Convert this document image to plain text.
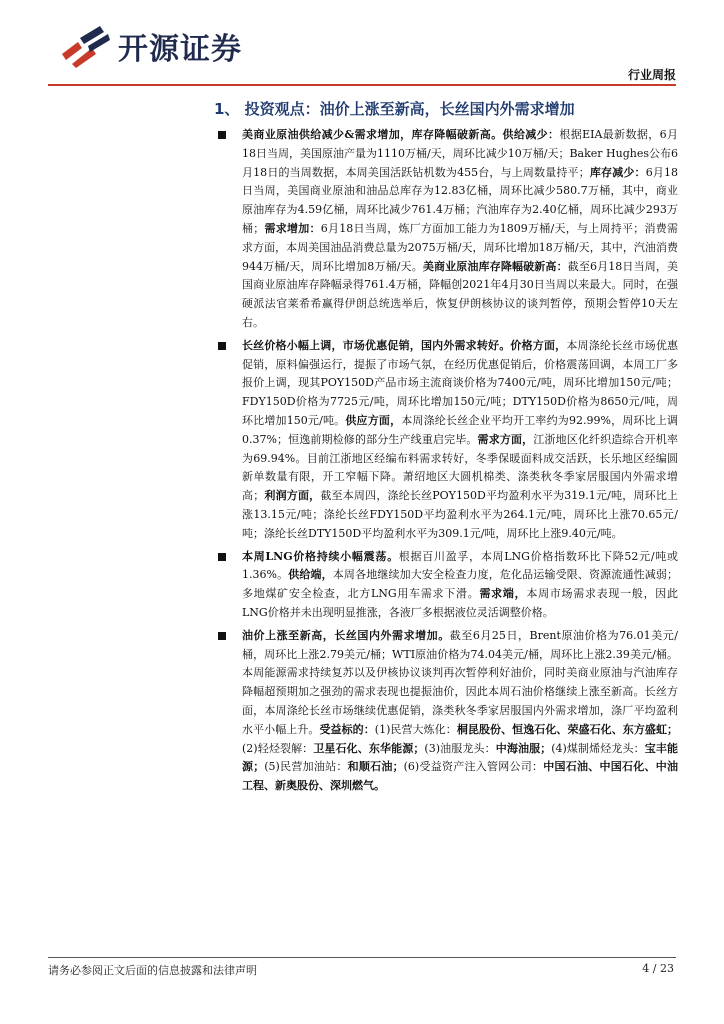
开源证券
行业周报
1、 投资观点：油价上涨至新高，长丝国内外需求增加

美商业原油供给减少&需求增加，库存降幅破新高。供给减少：根据EIA最新数据，6月18日当周，美国原油产量为1110万桶/天，周环比减少10万桶/天；Baker Hughes公布6月18日的当周数据，本周美国活跃钻机数为455台，与上周数量持平；库存减少：6月18日当周，美国商业原油和油品总库存为12.83亿桶，周环比减少580.7万桶，其中，商业原油库存为4.59亿桶，周环比减少761.4万桶；汽油库存为2.40亿桶，周环比减少293万桶；需求增加：6月18日当周，炼厂方面加工能力为1809万桶/天，与上周持平；消费需求方面，本周美国油品消费总量为2075万桶/天，周环比增加18万桶/天，其中，汽油消费944万桶/天，周环比增加8万桶/天。美商业原油库存降幅破新高：截至6月18日当周，美国商业原油库存降幅录得761.4万桶，降幅创2021年4月30日当周以来最大。同时，在强硬派法官莱希希赢得伊朗总统选举后，恢复伊朗核协议的谈判暂停，预期会暂停10天左右。

长丝价格小幅上调，市场优惠促销，国内外需求转好。价格方面，本周涤纶长丝市场优惠促销，原料偏强运行，提振了市场气氛，在经历优惠促销后，价格震荡回调，本周工厂多报价上调，现其POY150D产品市场主流商谈价格为7400元/吨，周环比增加150元/吨；FDY150D价格为7725元/吨，周环比增加150元/吨；DTY150D价格为8650元/吨，周环比增加150元/吨。供应方面，本周涤纶长丝企业平均开工率约为92.99%，周环比上调0.37%；恒逸前期检修的部分生产线重启完毕。需求方面，江浙地区化纤织造综合开机率为69.94%。目前江浙地区经编布料需求转好，冬季保暖面料成交活跃，长乐地区经编圆新单数量有限，开工窄幅下降。萧绍地区大圆机棉类、涤类秋冬季家居服国内外需求增高；利润方面，截至本周四，涤纶长丝POY150D平均盈利水平为319.1元/吨，周环比上涨13.15元/吨；涤纶长丝FDY150D平均盈利水平为264.1元/吨，周环比上涨70.65元/吨；涤纶长丝DTY150D平均盈利水平为309.1元/吨，周环比上涨9.40元/吨。

本周LNG价格持续小幅震荡。根据百川盈孚，本周LNG价格指数环比下降52元/吨或1.36%。供给端，本周各地继续加大安全检查力度，危化品运输受限、资源流通性减弱；多地煤矿安全检查，北方LNG用车需求下滑。需求端，本周市场需求表现一般，因此LNG价格并未出现明显推涨，各液厂多根据液位灵活调整价格。

油价上涨至新高，长丝国内外需求增加。截至6月25日，Brent原油价格为76.01美元/桶，周环比上涨2.79美元/桶；WTI原油价格为74.04美元/桶，周环比上涨2.39美元/桶。本周能源需求持续复苏以及伊核协议谈判再次暂停利好油价，同时美商业原油与汽油库存降幅超预期加之强劲的需求表现也提振油价，因此本周石油价格继续上涨至新高。长丝方面，本周涤纶长丝市场继续优惠促销，涤类秋冬季家居服国内外需求增加，涤厂平均盈利水平小幅上升。受益标的：(1)民营大炼化：桐昆股份、恒逸石化、荣盛石化、东方盛虹；(2)轻烃裂解：卫星石化、东华能源；(3)油服龙头：中海油服；(4)煤制烯烃龙头：宝丰能源；(5)民营加油站：和顺石油；(6)受益资产注入管网公司：中国石油、中国石化、中油工程、新奥股份、深圳燃气。

请务必参阅正文后面的信息披露和法律声明	4 / 23
